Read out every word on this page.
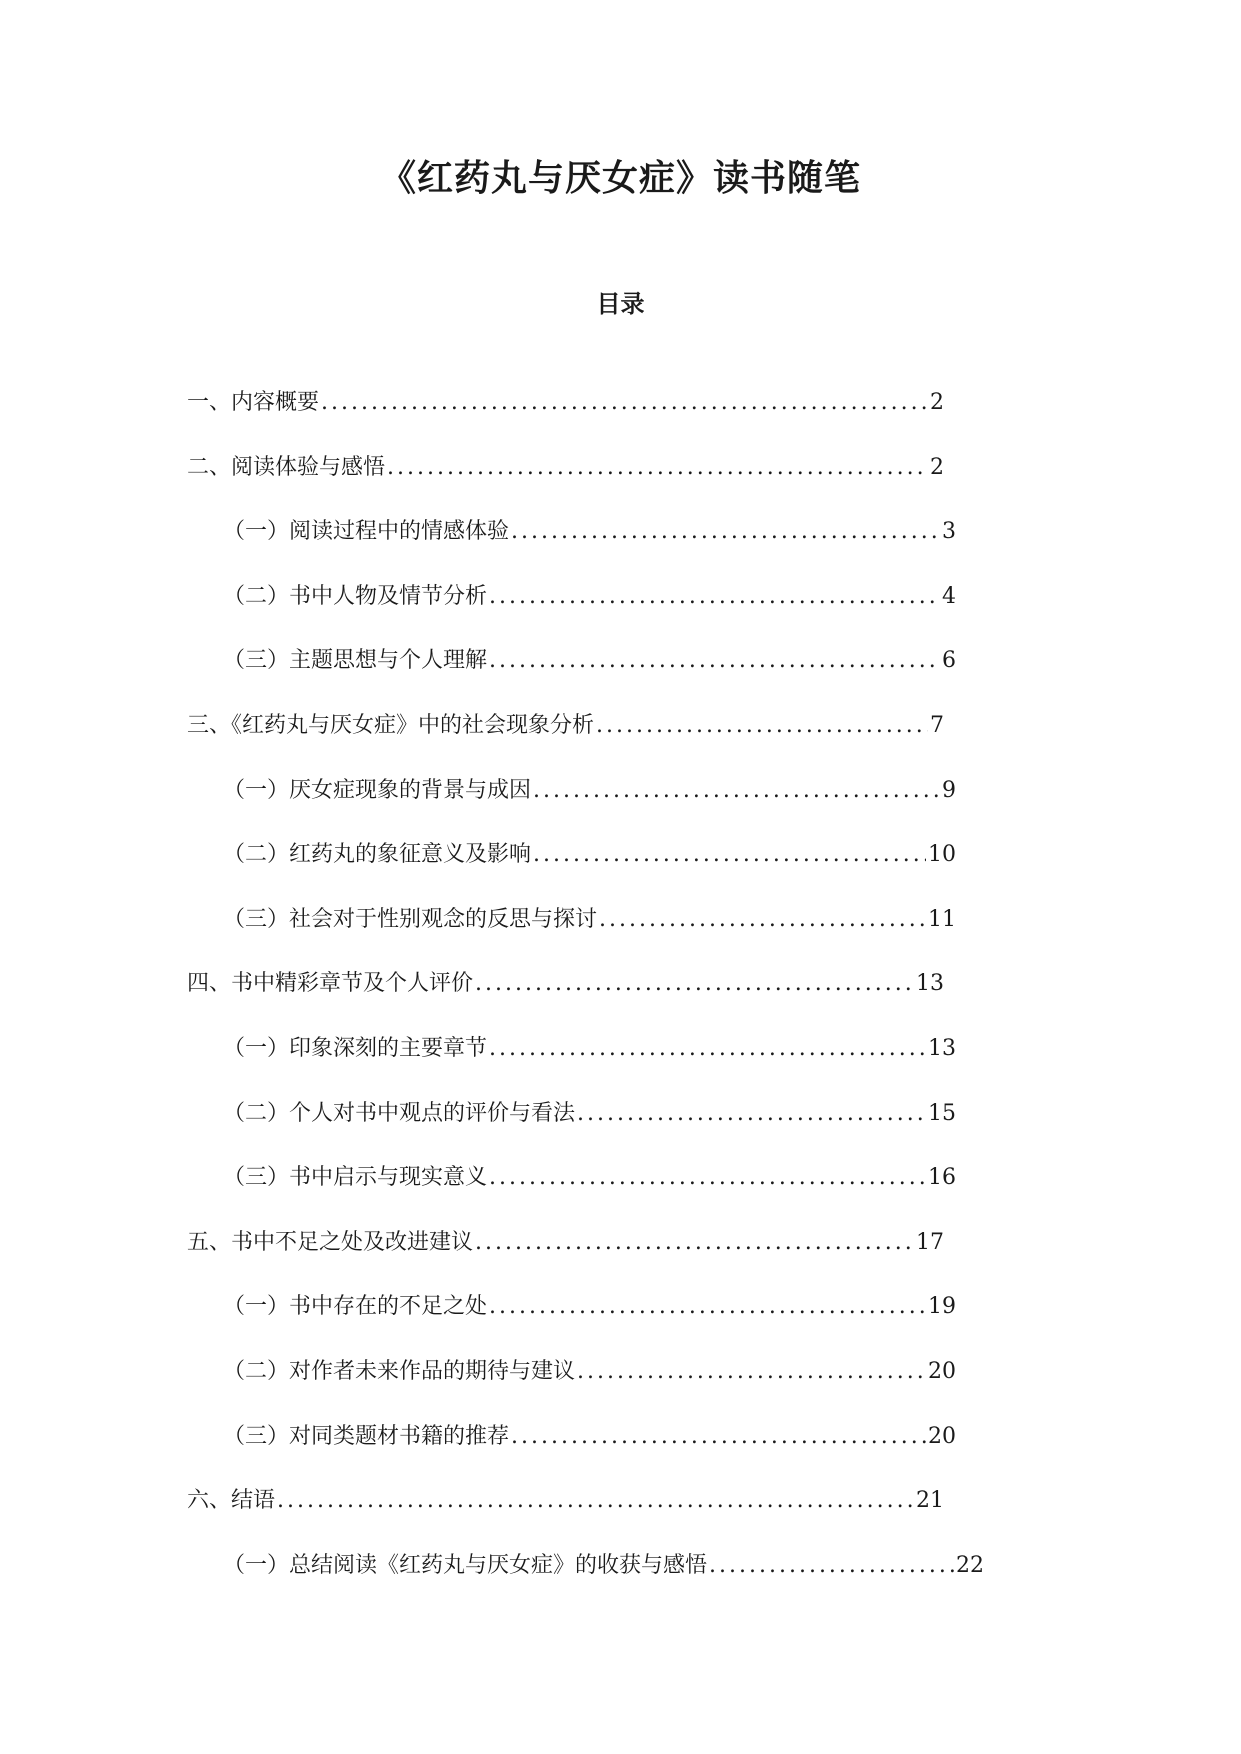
《红药丸与厌女症》读书随笔
目录
一、内容概要 .....	2
二、阅读体验与感悟 .....	2
（一）阅读过程中的情感体验 .....	3
（二）书中人物及情节分析 .....	4
（三）主题思想与个人理解 .....	6
三、《红药丸与厌女症》中的社会现象分析 .....	7
（一）厌女症现象的背景与成因 .....	9
（二）红药丸的象征意义及影响 .....	10
（三）社会对于性别观念的反思与探讨 .....	11
四、书中精彩章节及个人评价 .....	13
（一）印象深刻的主要章节 .....	13
（二）个人对书中观点的评价与看法 .....	15
（三）书中启示与现实意义 .....	16
五、书中不足之处及改进建议 .....	17
（一）书中存在的不足之处 .....	19
（二）对作者未来作品的期待与建议 .....	20
（三）对同类题材书籍的推荐 .....	20
六、结语 .....	21
（一）总结阅读《红药丸与厌女症》的收获与感悟 .....	22
